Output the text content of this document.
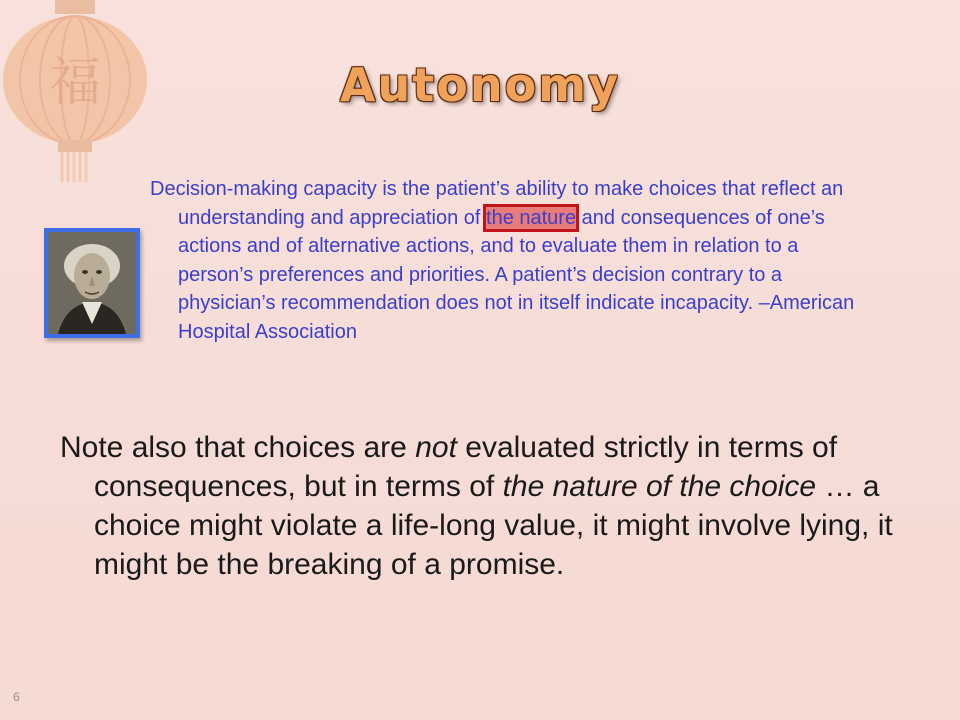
福	Autonomy
Decision-making capacity is the patient’s ability to make choices that reflect an understanding and appreciation of the nature and consequences of one’s actions and of alternative actions, and to evaluate them in relation to a person’s preferences and priorities. A patient’s decision contrary to a physician’s recommendation does not in itself indicate incapacity. –American Hospital Association
Note also that choices are not evaluated strictly in terms of consequences, but in terms of the nature of the choice … a choice might violate a life-long value, it might involve lying, it might be the breaking of a promise.
6
